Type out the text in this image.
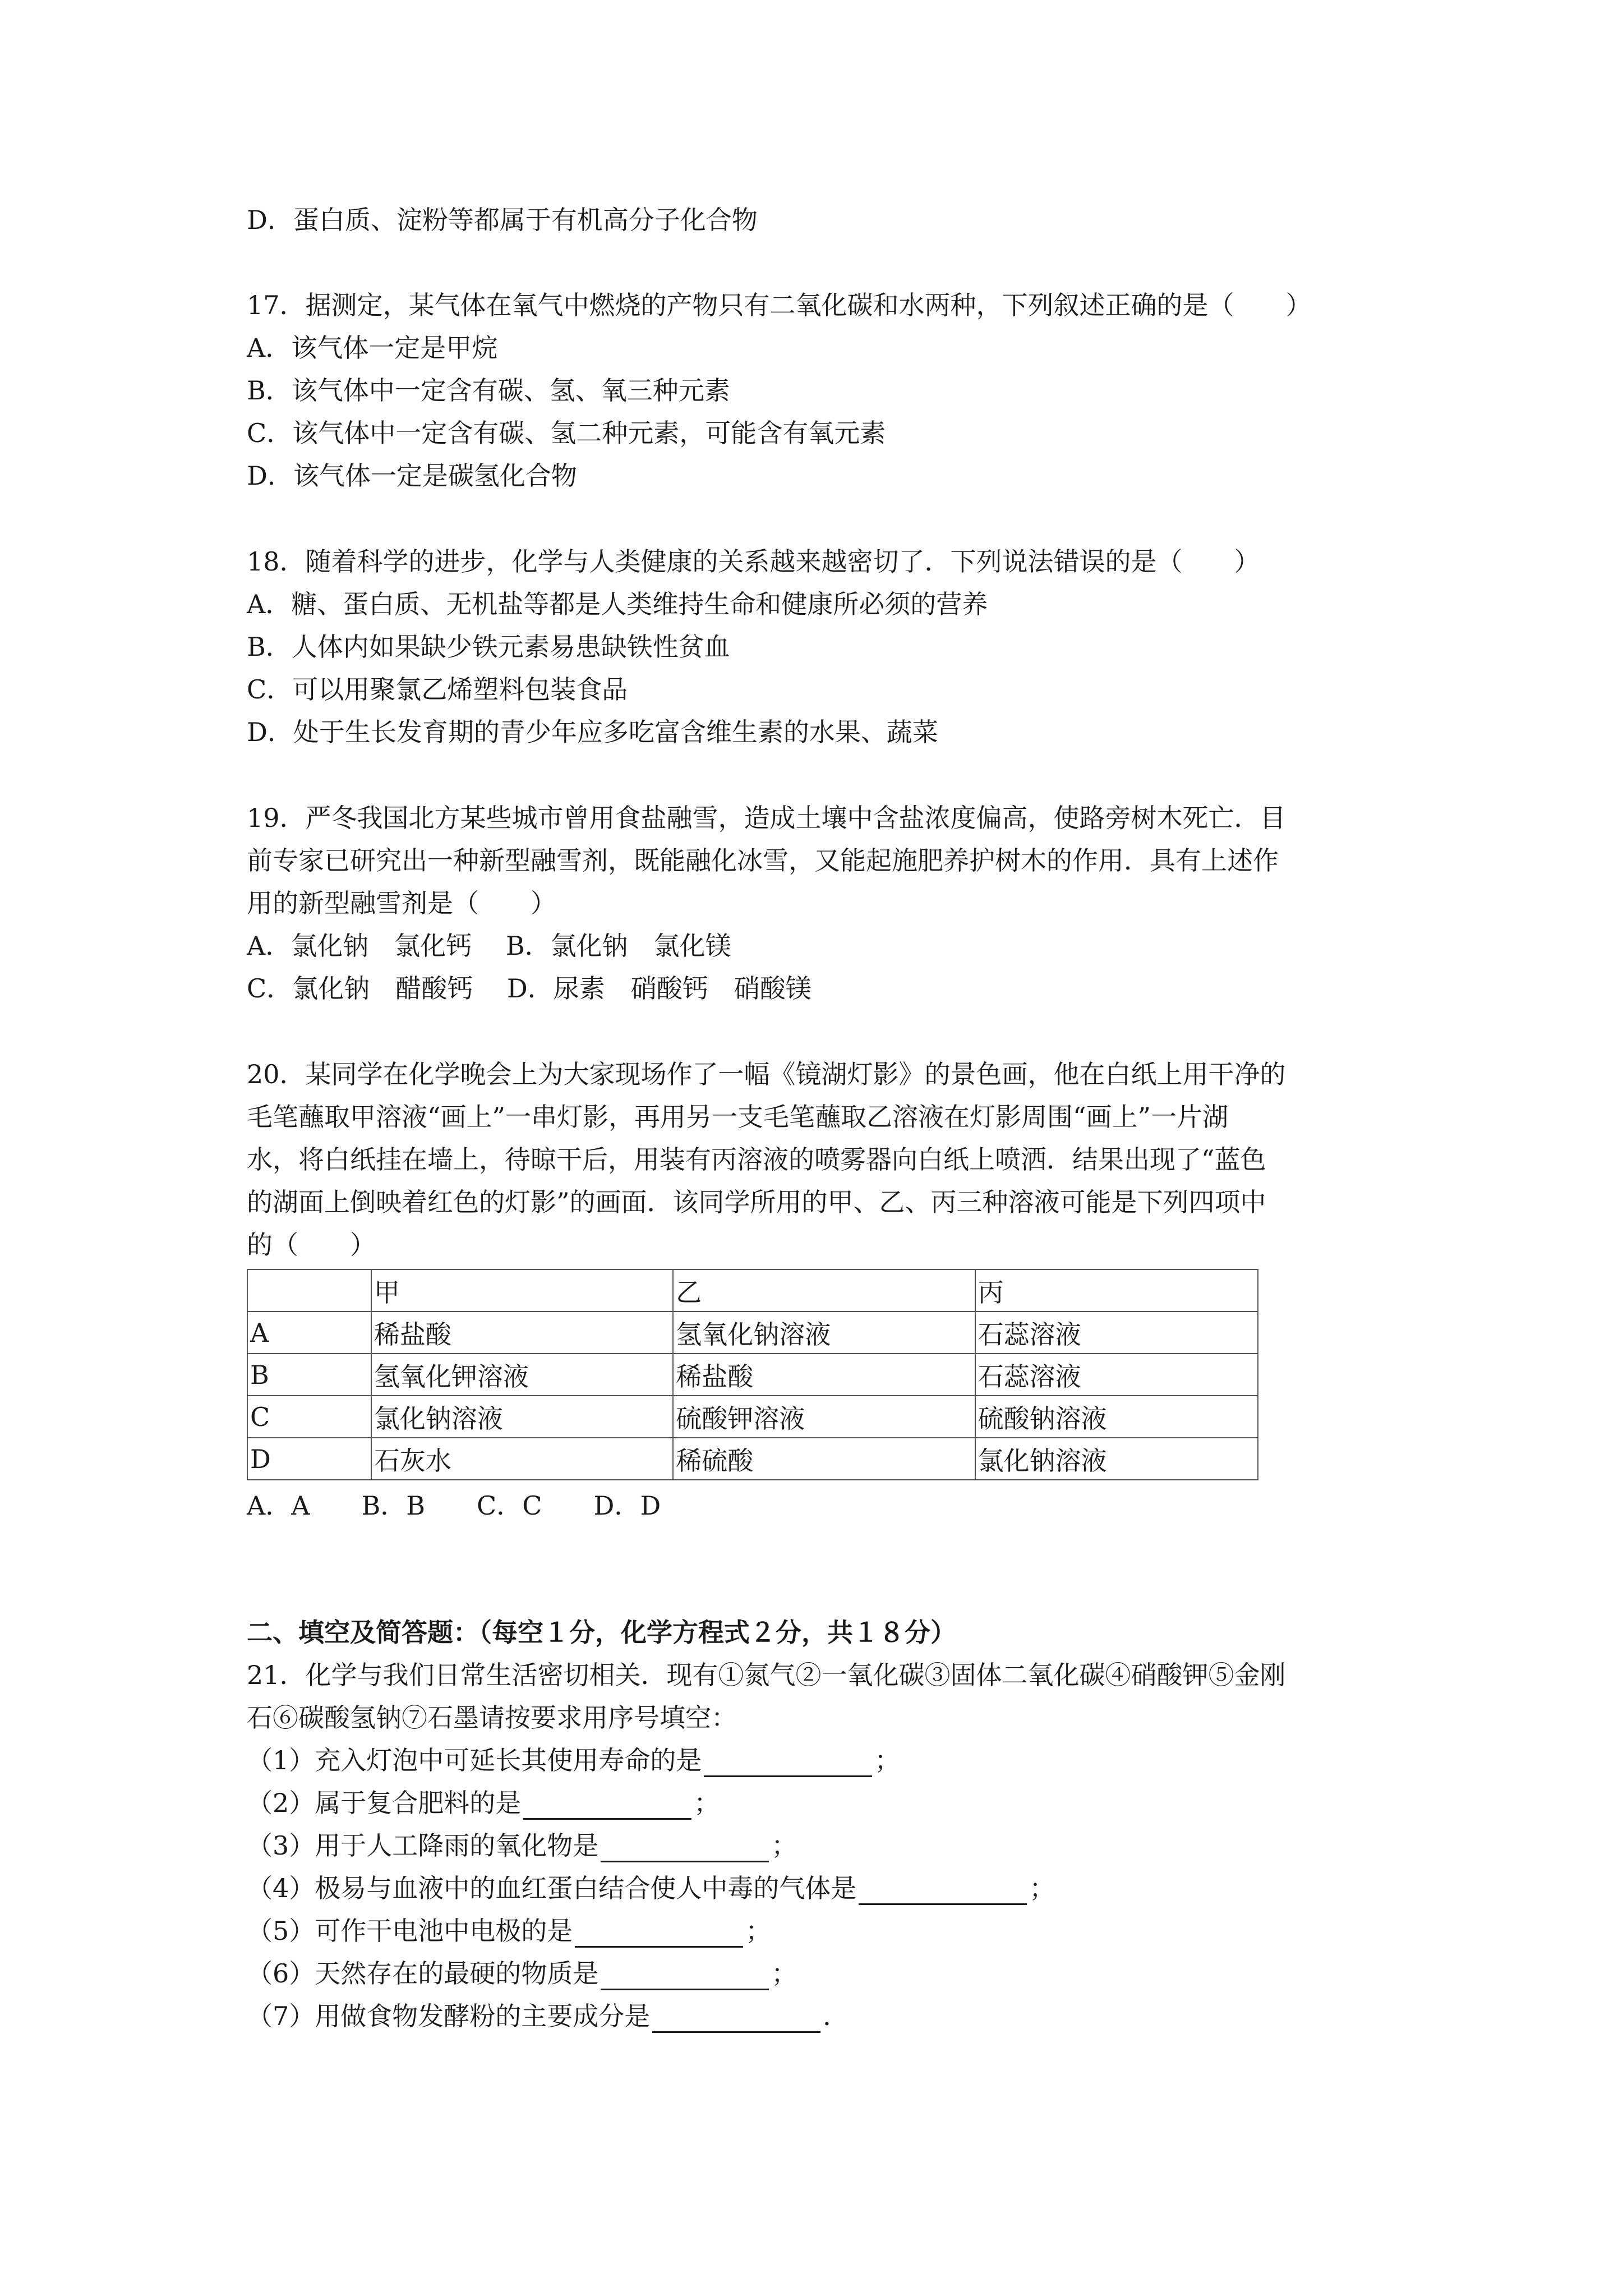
D．蛋白质、淀粉等都属于有机高分子化合物
17．据测定，某气体在氧气中燃烧的产物只有二氧化碳和水两种，下列叙述正确的是（　　）
A．该气体一定是甲烷
B．该气体中一定含有碳、氢、氧三种元素
C．该气体中一定含有碳、氢二种元素，可能含有氧元素
D．该气体一定是碳氢化合物
18．随着科学的进步，化学与人类健康的关系越来越密切了．下列说法错误的是（　　）
A．糖、蛋白质、无机盐等都是人类维持生命和健康所必须的营养
B．人体内如果缺少铁元素易患缺铁性贫血
C．可以用聚氯乙烯塑料包装食品
D．处于生长发育期的青少年应多吃富含维生素的水果、蔬菜
19．严冬我国北方某些城市曾用食盐融雪，造成土壤中含盐浓度偏高，使路旁树木死亡．目
前专家已研究出一种新型融雪剂，既能融化冰雪，又能起施肥养护树木的作用．具有上述作
用的新型融雪剂是（　　）
A．氯化钠　氯化钙　 B．氯化钠　氯化镁
C．氯化钠　醋酸钙　 D．尿素　硝酸钙　硝酸镁
20．某同学在化学晚会上为大家现场作了一幅《镜湖灯影》的景色画，他在白纸上用干净的
毛笔蘸取甲溶液“画上”一串灯影，再用另一支毛笔蘸取乙溶液在灯影周围“画上”一片湖
水，将白纸挂在墙上，待晾干后，用装有丙溶液的喷雾器向白纸上喷洒．结果出现了“蓝色
的湖面上倒映着红色的灯影”的画面．该同学所用的甲、乙、丙三种溶液可能是下列四项中
的（　　）
	甲	乙	丙
A	稀盐酸	氢氧化钠溶液	石蕊溶液
B	氢氧化钾溶液	稀盐酸	石蕊溶液
C	氯化钠溶液	硫酸钾溶液	硫酸钠溶液
D	石灰水	稀硫酸	氯化钠溶液
A．A　　B．B　　C．C　　D．D
二、填空及简答题：（每空１分，化学方程式２分，共１８分）
21．化学与我们日常生活密切相关．现有①氮气②一氧化碳③固体二氧化碳④硝酸钾⑤金刚
石⑥碳酸氢钠⑦石墨请按要求用序号填空：
（1）充入灯泡中可延长其使用寿命的是	；
（2）属于复合肥料的是	；
（3）用于人工降雨的氧化物是	；
（4）极易与血液中的血红蛋白结合使人中毒的气体是	；
（5）可作干电池中电极的是	；
（6）天然存在的最硬的物质是	；
（7）用做食物发酵粉的主要成分是	．
